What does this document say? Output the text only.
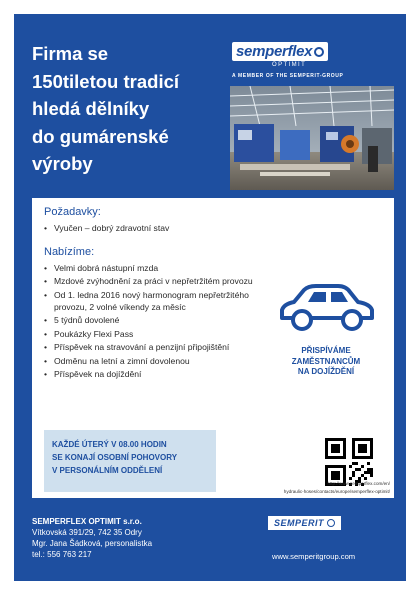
Firma se
150tiletou tradicí
hledá dělníky
do gumárenské
výroby
semperflex
OPTIMIT
A MEMBER OF THE SEMPERIT-GROUP
Požadavky:
• Vyučen – dobrý zdravotní stav
Nabízíme:
• Velmi dobrá nástupní mzda
• Mzdové zvýhodnění za práci v nepřetržitém provozu
• Od 1. ledna 2016 nový harmonogram nepřetržitého provozu, 2 volné víkendy za měsíc
• 5 týdnů dovolené
• Poukázky Flexi Pass
• Příspěvek na stravování a penzijní připojištění
• Odměnu na letní a zimní dovolenou
• Příspěvek na dojíždění
PŘISPÍVÁME
ZAMĚSTNANCŮM
NA DOJÍŽDĚNÍ
KAŽDÉ ÚTERÝ V 08.00 HODIN
SE KONAJÍ OSOBNÍ POHOVORY
V PERSONÁLNÍM ODDĚLENÍ
http://www.semperflex.com/en/
hydraulic-hoses/contacts/europe/semperflex-optimit/
SEMPERFLEX OPTIMIT s.r.o.
Vítkovská 391/29, 742 35 Odry
Mgr. Jana Šádková, personalistka
tel.: 556 763 217
SEMPERIT
www.semperitgroup.com
